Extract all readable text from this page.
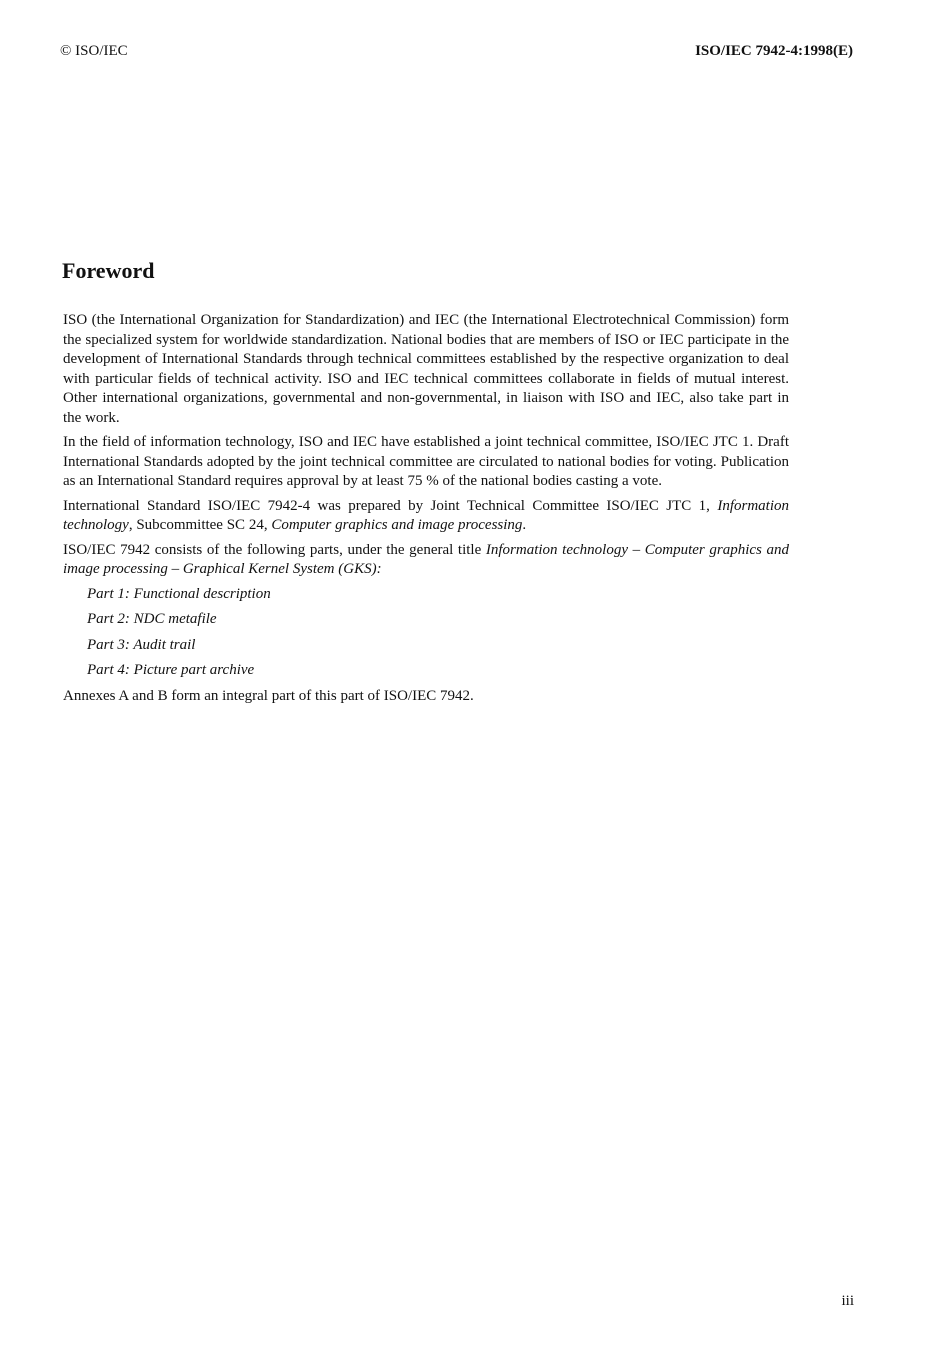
© ISO/IEC	ISO/IEC 7942-4:1998(E)
Foreword

ISO (the International Organization for Standardization) and IEC (the International Electrotechnical Commission) form the specialized system for worldwide standardization. National bodies that are members of ISO or IEC participate in the development of International Standards through technical committees established by the respective organization to deal with particular fields of technical activity. ISO and IEC technical committees collaborate in fields of mutual interest. Other international organizations, governmental and non-governmental, in liaison with ISO and IEC, also take part in the work.

In the field of information technology, ISO and IEC have established a joint technical committee, ISO/IEC JTC 1. Draft International Standards adopted by the joint technical committee are circulated to national bodies for voting. Publication as an International Standard requires approval by at least 75 % of the national bodies casting a vote.

International Standard ISO/IEC 7942-4 was prepared by Joint Technical Committee ISO/IEC JTC 1, Information technology, Subcommittee SC 24, Computer graphics and image processing.

ISO/IEC 7942 consists of the following parts, under the general title Information technology – Computer graphics and image processing – Graphical Kernel System (GKS):

Part 1: Functional description

Part 2: NDC metafile

Part 3: Audit trail

Part 4: Picture part archive

Annexes A and B form an integral part of this part of ISO/IEC 7942.

iii
